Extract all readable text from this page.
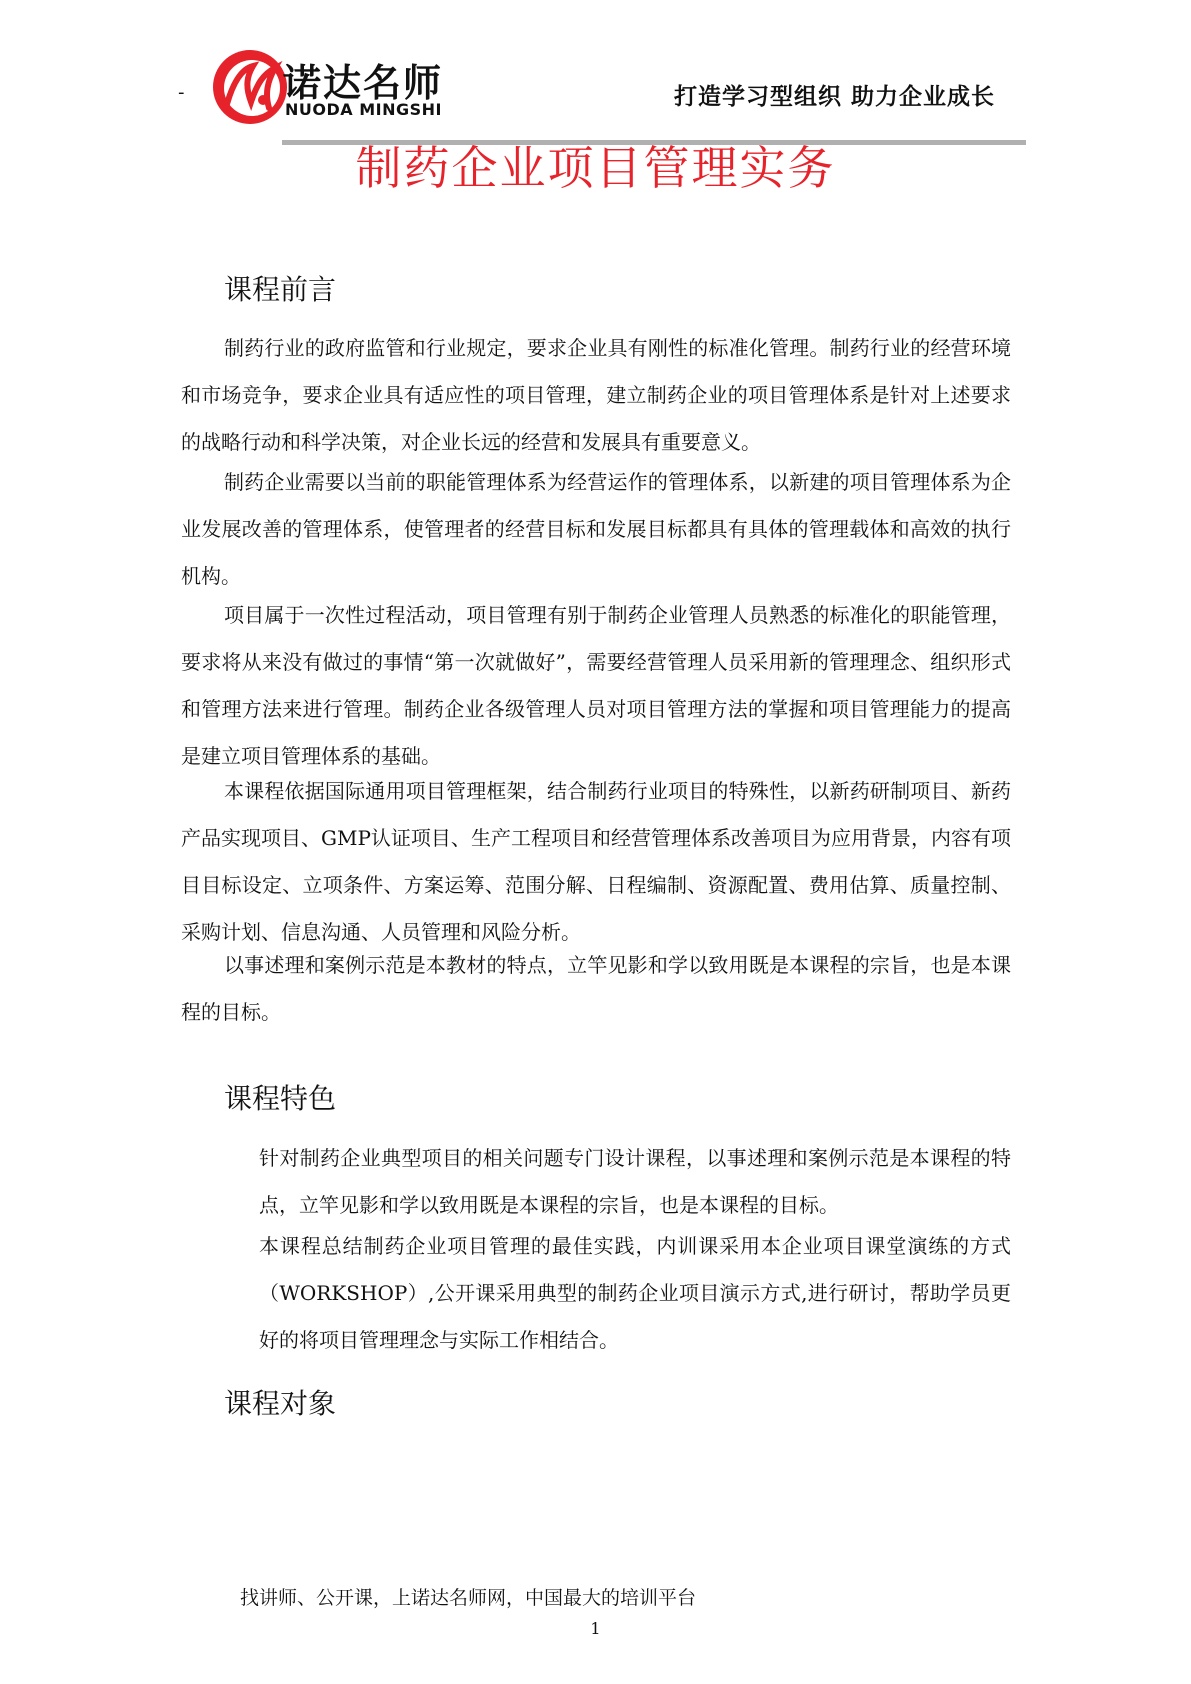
-	诺达名师
NUODA MINGSHI	打造学习型组织 助力企业成长
制药企业项目管理实务
课程前言

制药行业的政府监管和行业规定，要求企业具有刚性的标准化管理。制药行业的经营环境和市场竞争，要求企业具有适应性的项目管理，建立制药企业的项目管理体系是针对上述要求的战略行动和科学决策，对企业长远的经营和发展具有重要意义。

制药企业需要以当前的职能管理体系为经营运作的管理体系，以新建的项目管理体系为企业发展改善的管理体系，使管理者的经营目标和发展目标都具有具体的管理载体和高效的执行机构。

项目属于一次性过程活动，项目管理有别于制药企业管理人员熟悉的标准化的职能管理，要求将从来没有做过的事情“第一次就做好”，需要经营管理人员采用新的管理理念、组织形式和管理方法来进行管理。制药企业各级管理人员对项目管理方法的掌握和项目管理能力的提高是建立项目管理体系的基础。

本课程依据国际通用项目管理框架，结合制药行业项目的特殊性，以新药研制项目、新药产品实现项目、GMP认证项目、生产工程项目和经营管理体系改善项目为应用背景，内容有项目目标设定、立项条件、方案运筹、范围分解、日程编制、资源配置、费用估算、质量控制、采购计划、信息沟通、人员管理和风险分析。

以事述理和案例示范是本教材的特点，立竿见影和学以致用既是本课程的宗旨，也是本课程的目标。

课程特色

针对制药企业典型项目的相关问题专门设计课程，以事述理和案例示范是本课程的特点，立竿见影和学以致用既是本课程的宗旨，也是本课程的目标。

本课程总结制药企业项目管理的最佳实践，内训课采用本企业项目课堂演练的方式（WORKSHOP）,公开课采用典型的制药企业项目演示方式,进行研讨，帮助学员更好的将项目管理理念与实际工作相结合。

课程对象
找讲师、公开课，上诺达名师网，中国最大的培训平台
1
